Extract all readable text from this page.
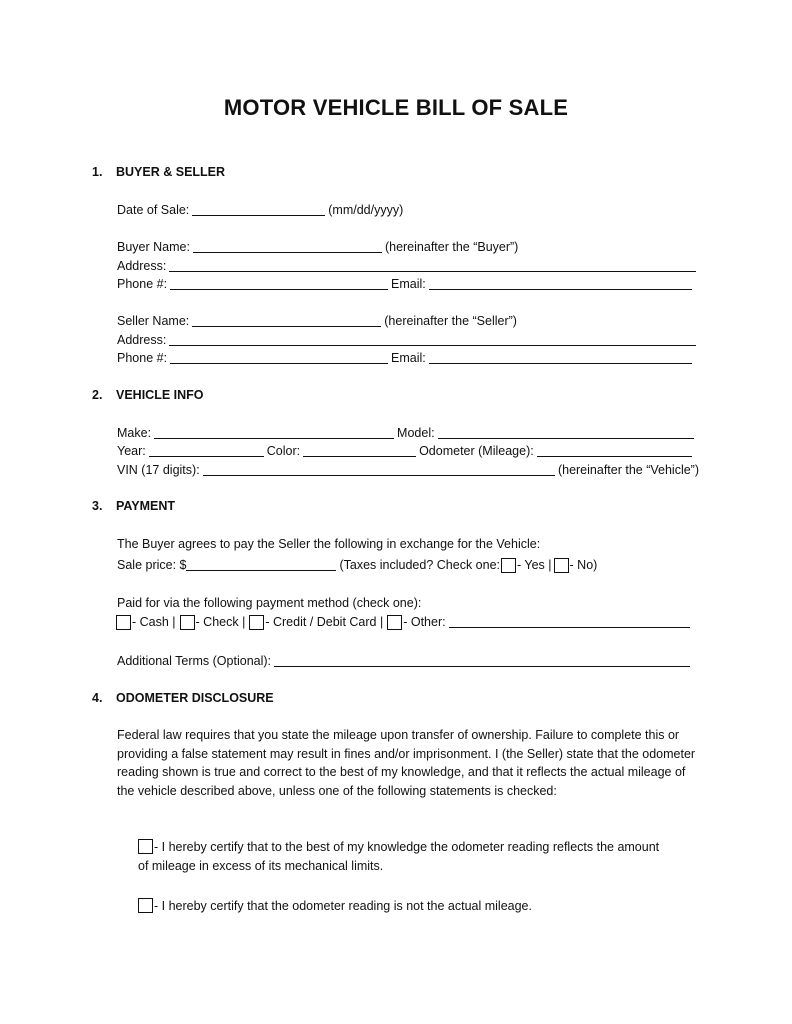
MOTOR VEHICLE BILL OF SALE
1. BUYER & SELLER
Date of Sale:	(mm/dd/yyyy)
Buyer Name:	(hereinafter the “Buyer”)
Address:
Phone #:	Email:
Seller Name:	(hereinafter the “Seller”)
Address:
Phone #:	Email:
2. VEHICLE INFO
Make:	Model:
Year:	Color:	Odometer (Mileage):
VIN (17 digits):	(hereinafter the “Vehicle”)
3. PAYMENT
The Buyer agrees to pay the Seller the following in exchange for the Vehicle:
Sale price: $	(Taxes included? Check one: - Yes | - No)
Paid for via the following payment method (check one):
- Cash | - Check | - Credit / Debit Card | - Other:
Additional Terms (Optional):
4. ODOMETER DISCLOSURE
Federal law requires that you state the mileage upon transfer of ownership. Failure to complete this or providing a false statement may result in fines and/or imprisonment. I (the Seller) state that the odometer reading shown is true and correct to the best of my knowledge, and that it reflects the actual mileage of the vehicle described above, unless one of the following statements is checked:
- I hereby certify that to the best of my knowledge the odometer reading reflects the amount of mileage in excess of its mechanical limits.
- I hereby certify that the odometer reading is not the actual mileage.
